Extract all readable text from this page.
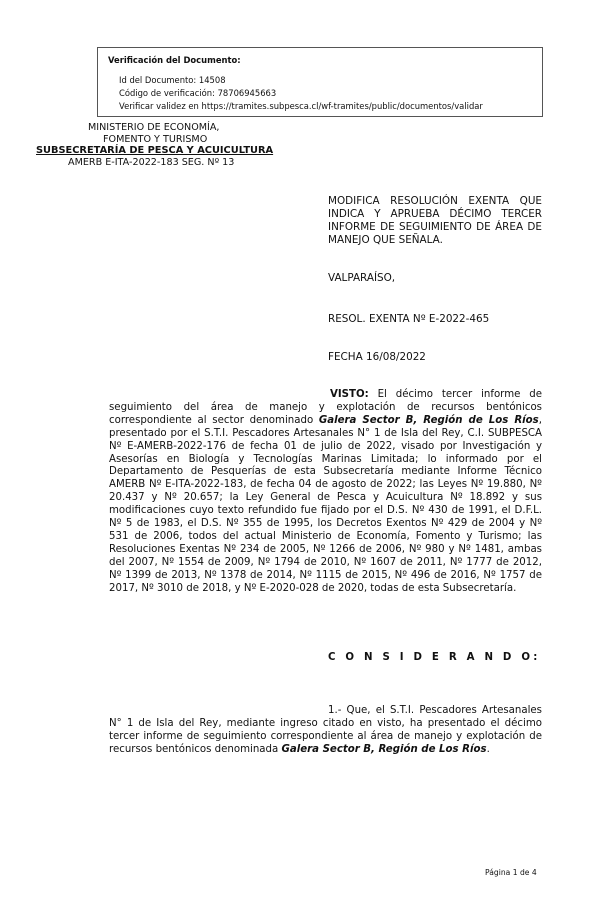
Verificación del Documento:
• Id del Documento: 14508
• Código de verificación: 78706945663
• Verificar validez en https://tramites.subpesca.cl/wf-tramites/public/documentos/validar
MINISTERIO DE ECONOMÍA,
FOMENTO Y TURISMO
SUBSECRETARÍA DE PESCA Y ACUICULTURA
AMERB E-ITA-2022-183 SEG. Nº 13
MODIFICA RESOLUCIÓN EXENTA QUE INDICA Y APRUEBA DÉCIMO TERCER INFORME DE SEGUIMIENTO DE ÁREA DE MANEJO QUE SEÑALA.
VALPARAÍSO,
RESOL. EXENTA Nº E-2022-465
FECHA 16/08/2022
VISTO: El décimo tercer informe de seguimiento del área de manejo y explotación de recursos bentónicos correspondiente al sector denominado Galera Sector B, Región de Los Ríos, presentado por el S.T.I. Pescadores Artesanales N° 1 de Isla del Rey, C.I. SUBPESCA Nº E-AMERB-2022-176 de fecha 01 de julio de 2022, visado por Investigación y Asesorías en Biología y Tecnologías Marinas Limitada; lo informado por el Departamento de Pesquerías de esta Subsecretaría mediante Informe Técnico AMERB Nº E-ITA-2022-183, de fecha 04 de agosto de 2022; las Leyes Nº 19.880, Nº 20.437 y Nº 20.657; la Ley General de Pesca y Acuicultura Nº 18.892 y sus modificaciones cuyo texto refundido fue fijado por el D.S. Nº 430 de 1991, el D.F.L. Nº 5 de 1983, el D.S. Nº 355 de 1995, los Decretos Exentos Nº 429 de 2004 y Nº 531 de 2006, todos del actual Ministerio de Economía, Fomento y Turismo; las Resoluciones Exentas Nº 234 de 2005, Nº 1266 de 2006, Nº 980 y Nº 1481, ambas del 2007, Nº 1554 de 2009, Nº 1794 de 2010, Nº 1607 de 2011, Nº 1777 de 2012, Nº 1399 de 2013, Nº 1378 de 2014, Nº 1115 de 2015, Nº 496 de 2016, Nº 1757 de 2017, Nº 3010 de 2018, y Nº E-2020-028 de 2020, todas de esta Subsecretaría.
C O N S I D E R A N D O:
1.- Que, el S.T.I. Pescadores Artesanales N° 1 de Isla del Rey, mediante ingreso citado en visto, ha presentado el décimo tercer informe de seguimiento correspondiente al área de manejo y explotación de recursos bentónicos denominada Galera Sector B, Región de Los Ríos.
Página 1 de 4
